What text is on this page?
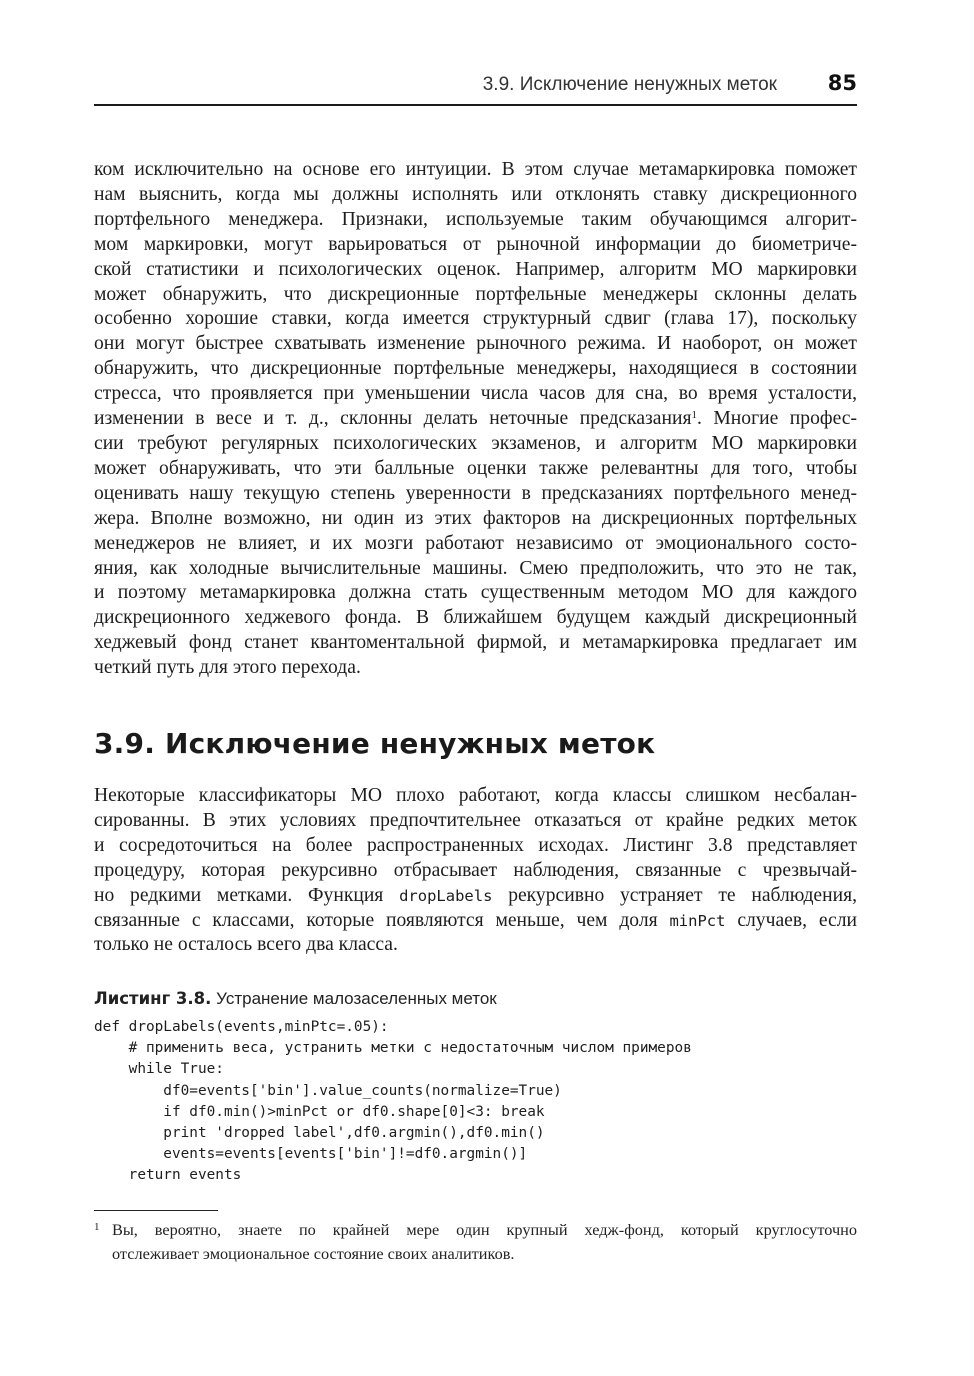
3.9. Исключение ненужных меток 85
ком исключительно на основе его интуиции. В этом случае метамаркировка поможет
нам выяснить, когда мы должны исполнять или отклонять ставку дискреционного
портфельного менеджера. Признаки, используемые таким обучающимся алгорит-
мом маркировки, могут варьироваться от рыночной информации до биометриче-
ской статистики и психологических оценок. Например, алгоритм МО маркировки
может обнаружить, что дискреционные портфельные менеджеры склонны делать
особенно хорошие ставки, когда имеется структурный сдвиг (глава 17), поскольку
они могут быстрее схватывать изменение рыночного режима. И наоборот, он может
обнаружить, что дискреционные портфельные менеджеры, находящиеся в состоянии
стресса, что проявляется при уменьшении числа часов для сна, во время усталости,
изменении в весе и т. д., склонны делать неточные предсказания$^1$. Многие профес-
сии требуют регулярных психологических экзаменов, и алгоритм МО маркировки
может обнаруживать, что эти балльные оценки также релевантны для того, чтобы
оценивать нашу текущую степень уверенности в предсказаниях портфельного менед-
жера. Вполне возможно, ни один из этих факторов на дискреционных портфельных
менеджеров не влияет, и их мозги работают независимо от эмоционального состо-
яния, как холодные вычислительные машины. Смею предположить, что это не так,
и поэтому метамаркировка должна стать существенным методом МО для каждого
дискреционного хеджевого фонда. В ближайшем будущем каждый дискреционный
хеджевый фонд станет квантоментальной фирмой, и метамаркировка предлагает им
четкий путь для этого перехода.
3.9. Исключение ненужных меток
Некоторые классификаторы МО плохо работают, когда классы слишком несбалан-
сированны. В этих условиях предпочтительнее отказаться от крайне редких меток
и сосредоточиться на более распространенных исходах. Листинг 3.8 представляет
процедуру, которая рекурсивно отбрасывает наблюдения, связанные с чрезвычай-
но редкими метками. Функция dropLabels рекурсивно устраняет те наблюдения,
связанные с классами, которые появляются меньше, чем доля minPct случаев, если
только не осталось всего два класса.
Листинг 3.8. Устранение малозаселенных меток
def dropLabels(events,minPtc=.05):
# применить веса, устранить метки с недостаточным числом примеров
while True:
df0=events['bin'].value_counts(normalize=True)
if df0.min()>minPct or df0.shape[0]<3: break
print 'dropped label',df0.argmin(),df0.min()
events=events[events['bin']!=df0.argmin()]
return events
1 Вы, вероятно, знаете по крайней мере один крупный хедж-фонд, который круглосуточно
отслеживает эмоциональное состояние своих аналитиков.
